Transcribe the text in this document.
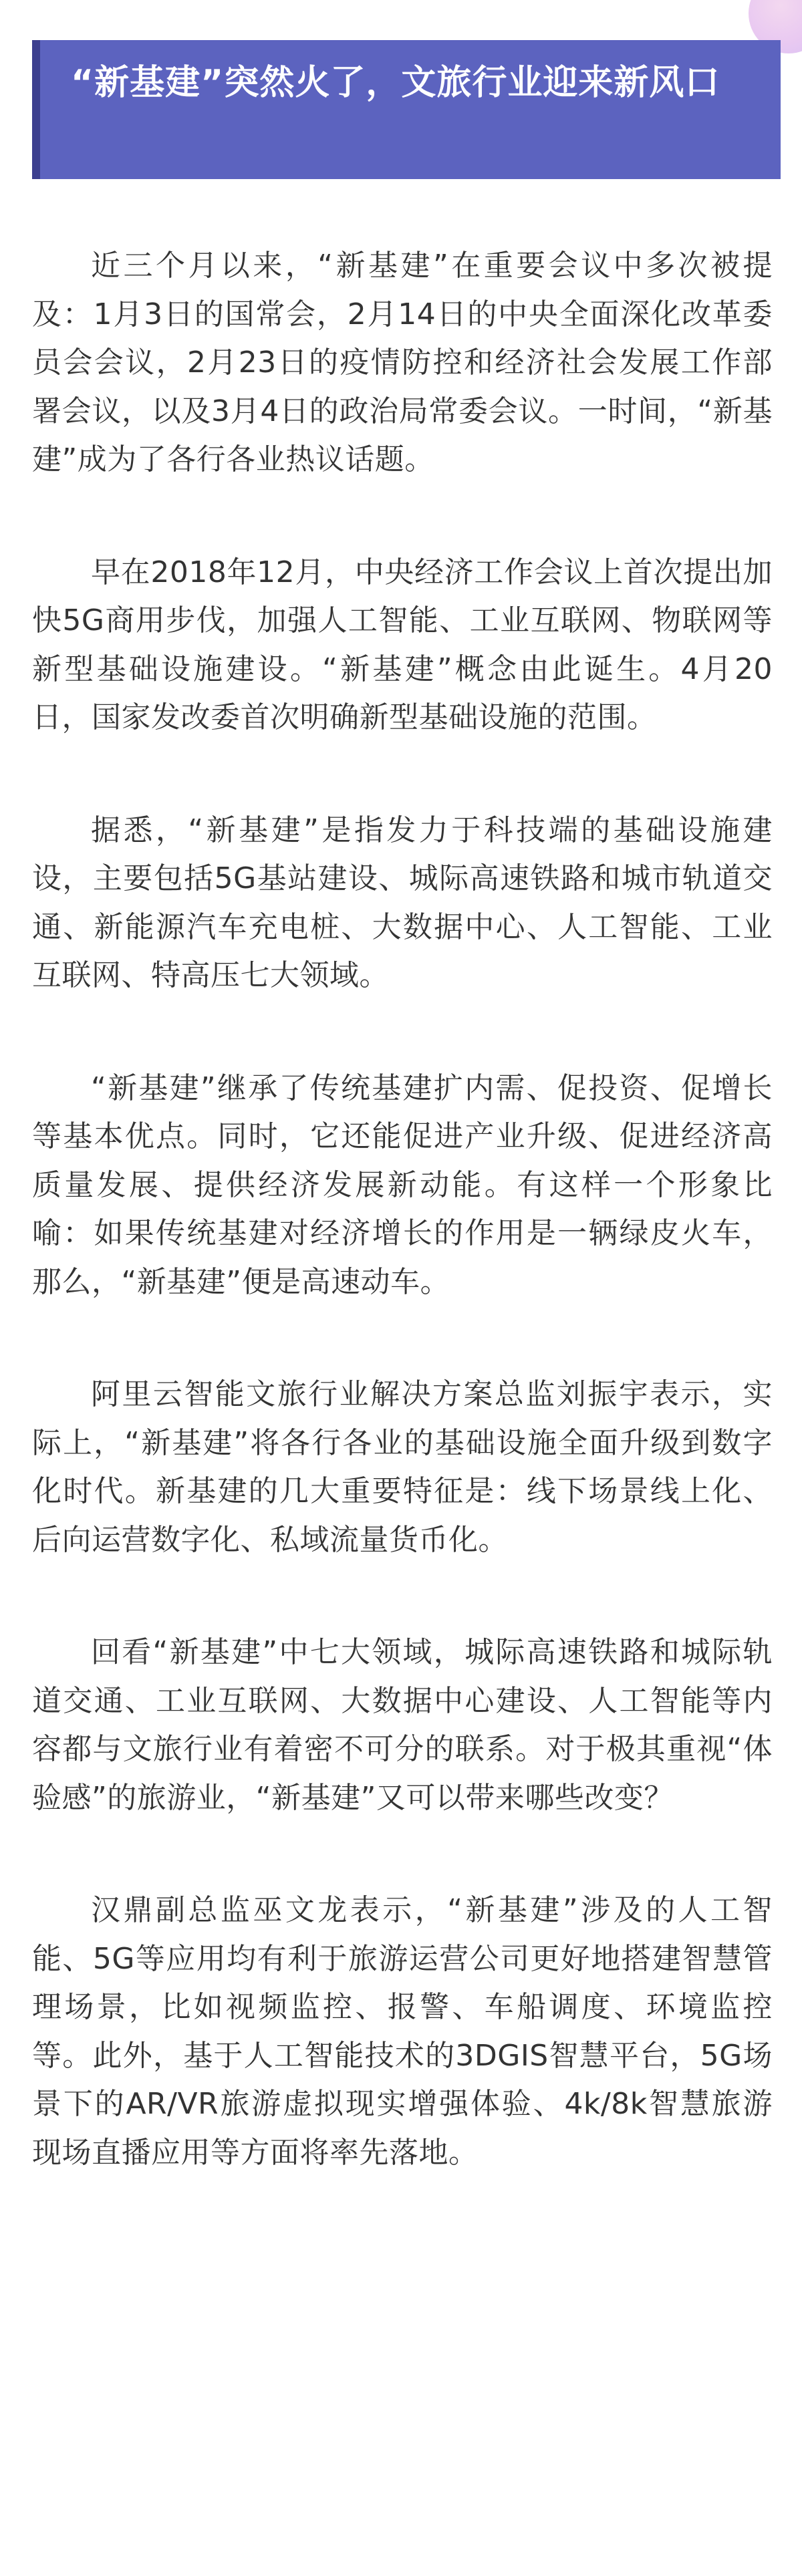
“新基建”突然火了，文旅行业迎来新风口

近三个月以来，“新基建”在重要会议中多次被提及：1月3日的国常会，2月14日的中央全面深化改革委员会会议，2月23日的疫情防控和经济社会发展工作部署会议，以及3月4日的政治局常委会议。一时间，“新基建”成为了各行各业热议话题。

早在2018年12月，中央经济工作会议上首次提出加快5G商用步伐，加强人工智能、工业互联网、物联网等新型基础设施建设。“新基建”概念由此诞生。4月20日，国家发改委首次明确新型基础设施的范围。

据悉，“新基建”是指发力于科技端的基础设施建设，主要包括5G基站建设、城际高速铁路和城市轨道交通、新能源汽车充电桩、大数据中心、人工智能、工业互联网、特高压七大领域。

“新基建”继承了传统基建扩内需、促投资、促增长等基本优点。同时，它还能促进产业升级、促进经济高质量发展、提供经济发展新动能。有这样一个形象比喻：如果传统基建对经济增长的作用是一辆绿皮火车，那么，“新基建”便是高速动车。

阿里云智能文旅行业解决方案总监刘振宇表示，实际上，“新基建”将各行各业的基础设施全面升级到数字化时代。新基建的几大重要特征是：线下场景线上化、后向运营数字化、私域流量货币化。

回看“新基建”中七大领域，城际高速铁路和城际轨道交通、工业互联网、大数据中心建设、人工智能等内容都与文旅行业有着密不可分的联系。对于极其重视“体验感”的旅游业，“新基建”又可以带来哪些改变？

汉鼎副总监巫文龙表示，“新基建”涉及的人工智能、5G等应用均有利于旅游运营公司更好地搭建智慧管理场景，比如视频监控、报警、车船调度、环境监控等。此外，基于人工智能技术的3DGIS智慧平台，5G场景下的AR/VR旅游虚拟现实增强体验、4k/8k智慧旅游现场直播应用等方面将率先落地。
